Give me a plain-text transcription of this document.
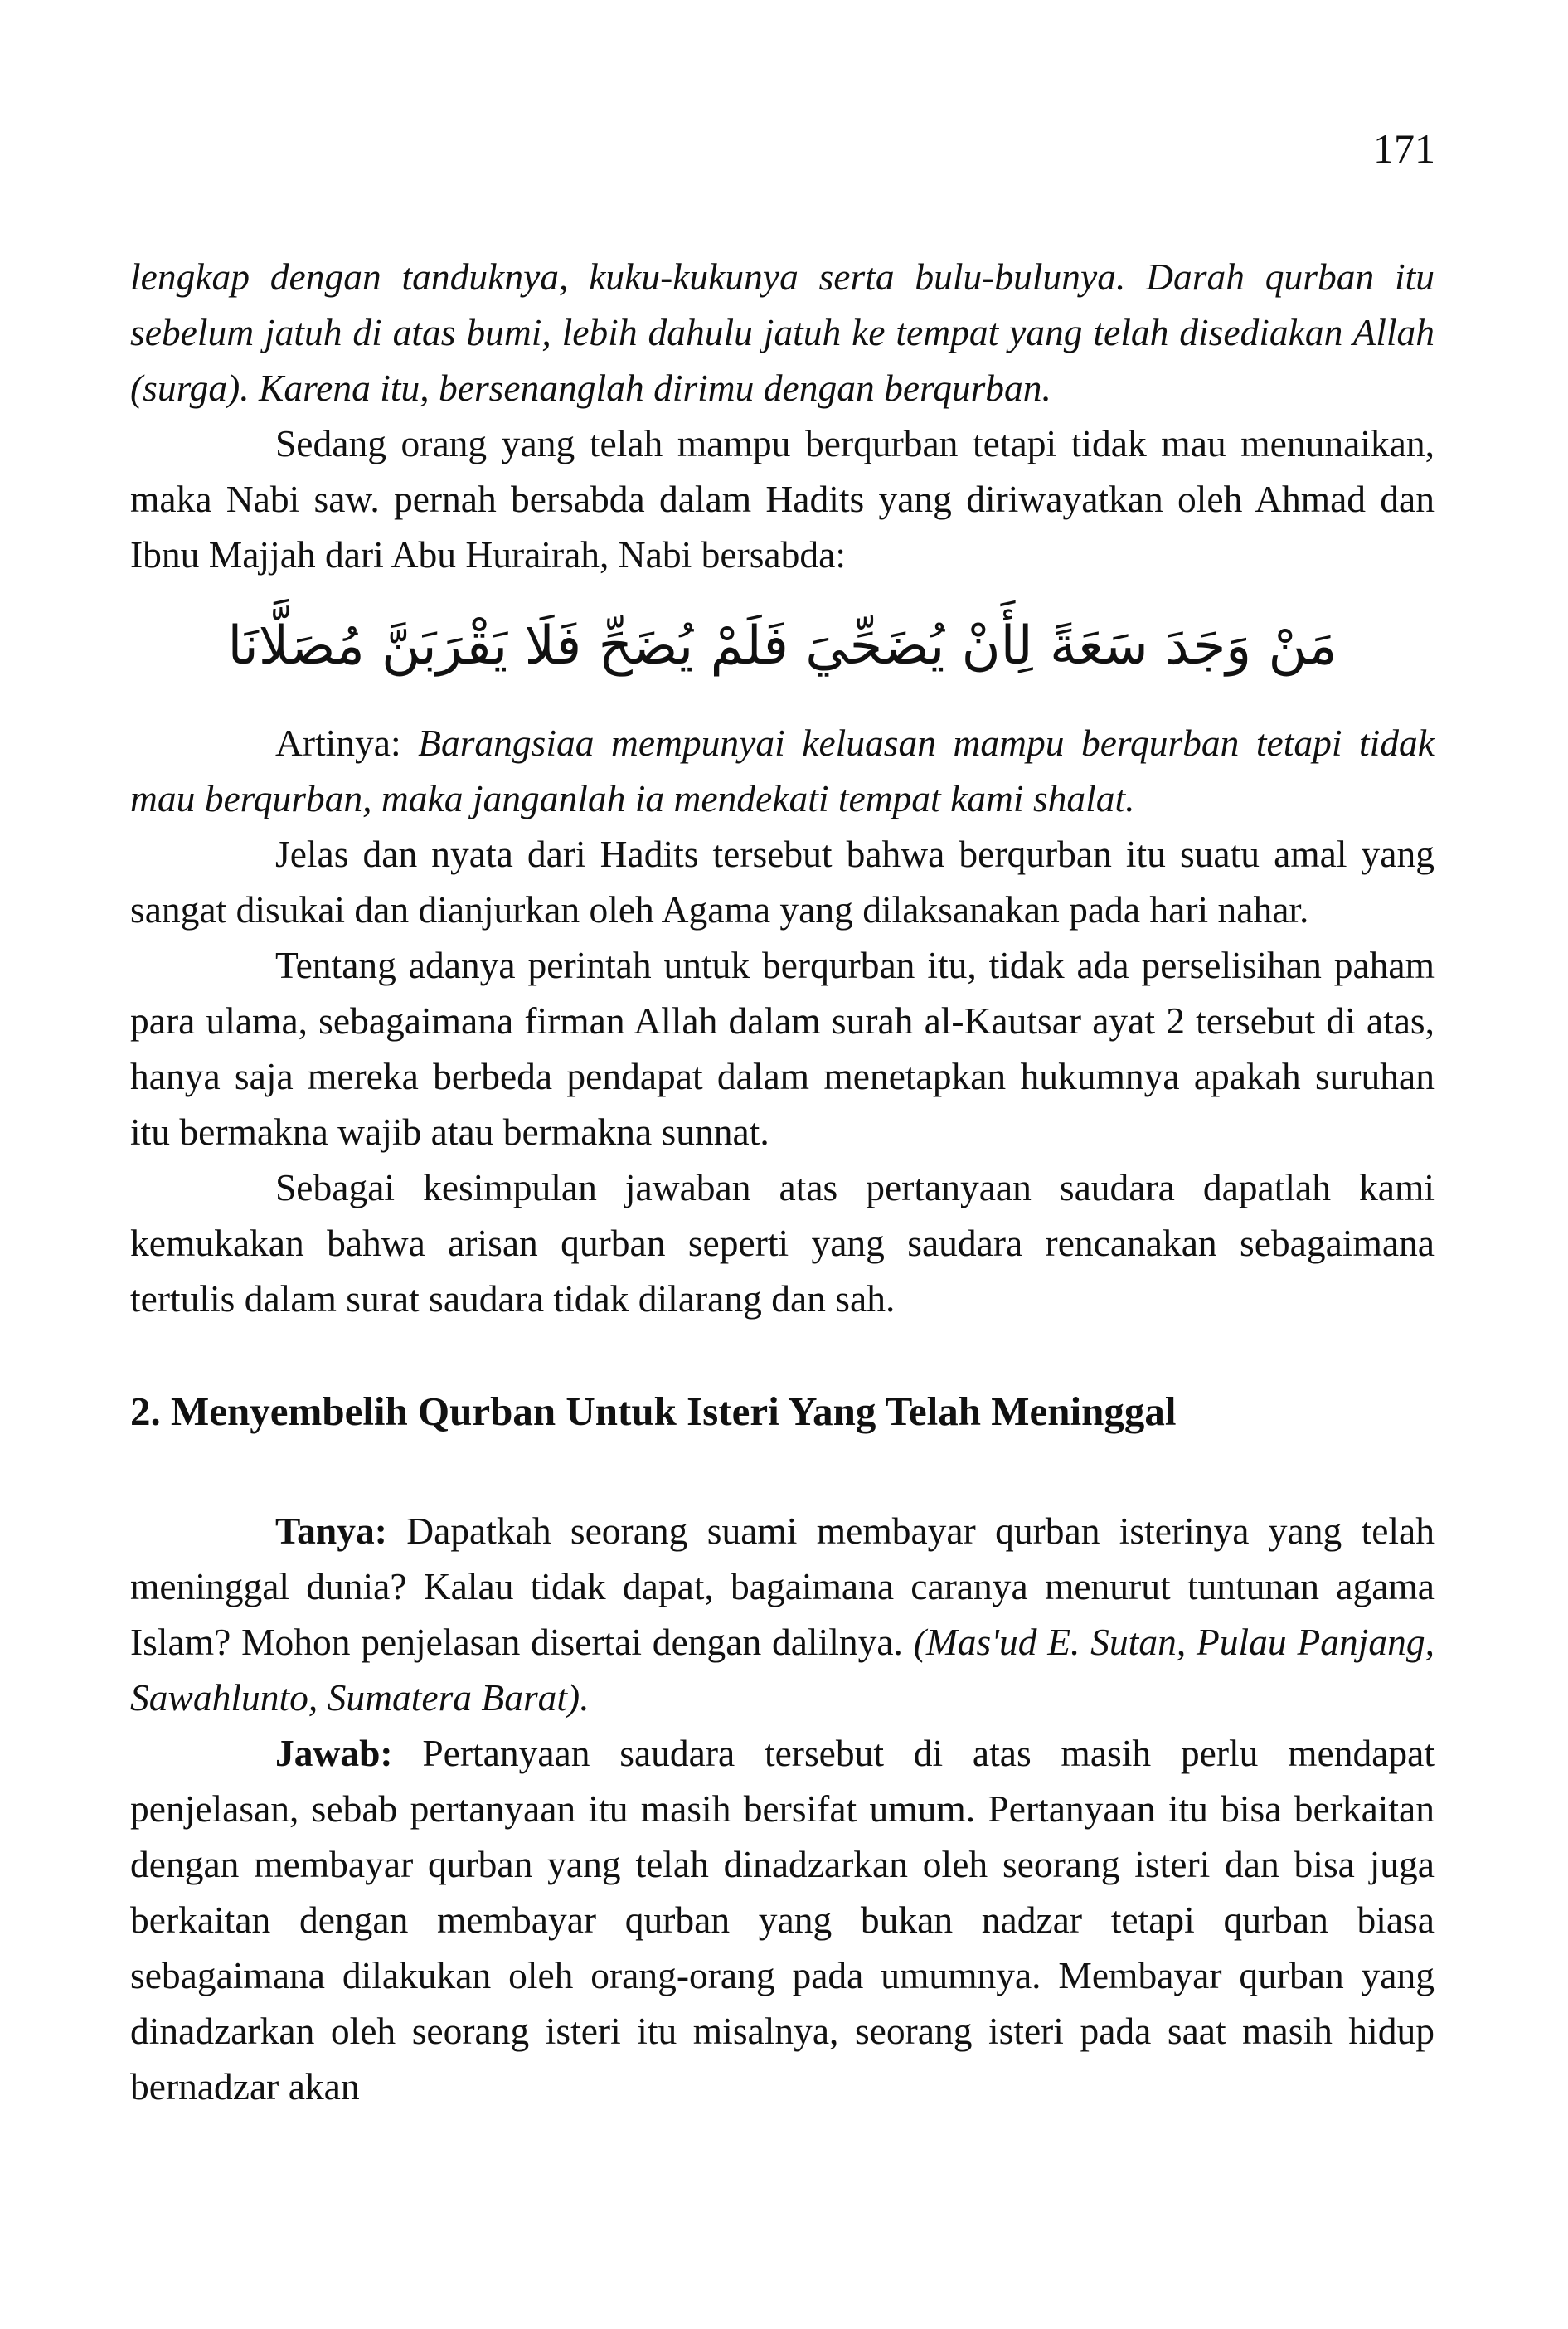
171

lengkap dengan tanduknya, kuku-kukunya serta bulu-bulunya. Darah qurban itu sebelum jatuh di atas bumi, lebih dahulu jatuh ke tempat yang telah disediakan Allah (surga). Karena itu, bersenanglah dirimu dengan berqurban.

Sedang orang yang telah mampu berqurban tetapi tidak mau menunaikan, maka Nabi saw. pernah bersabda dalam Hadits yang diriwayatkan oleh Ahmad dan Ibnu Majjah dari Abu Hurairah, Nabi bersabda:

مَنْ وَجَدَ سَعَةً لِأَنْ يُضَحِّيَ فَلَمْ يُضَحِّ فَلَا يَقْرَبَنَّ مُصَلَّانَا

Artinya: Barangsiaa mempunyai keluasan mampu berqurban tetapi tidak mau berqurban, maka janganlah ia mendekati tempat kami shalat.

Jelas dan nyata dari Hadits tersebut bahwa berqurban itu suatu amal yang sangat disukai dan dianjurkan oleh Agama yang dilaksanakan pada hari nahar.

Tentang adanya perintah untuk berqurban itu, tidak ada perselisihan paham para ulama, sebagaimana firman Allah dalam surah al-Kautsar ayat 2 tersebut di atas, hanya saja mereka berbeda pendapat dalam menetapkan hukumnya apakah suruhan itu bermakna wajib atau bermakna sunnat.

Sebagai kesimpulan jawaban atas pertanyaan saudara dapatlah kami kemukakan bahwa arisan qurban seperti yang saudara rencanakan sebagaimana tertulis dalam surat saudara tidak dilarang dan sah.

2. Menyembelih Qurban Untuk Isteri Yang Telah Meninggal

Tanya: Dapatkah seorang suami membayar qurban isterinya yang telah meninggal dunia? Kalau tidak dapat, bagaimana caranya menurut tuntunan agama Islam? Mohon penjelasan disertai dengan dalilnya. (Mas'ud E. Sutan, Pulau Panjang, Sawahlunto, Sumatera Barat).

Jawab: Pertanyaan saudara tersebut di atas masih perlu mendapat penjelasan, sebab pertanyaan itu masih bersifat umum. Pertanyaan itu bisa berkaitan dengan membayar qurban yang telah dinadzarkan oleh seorang isteri dan bisa juga berkaitan dengan membayar qurban yang bukan nadzar tetapi qurban biasa sebagaimana dilakukan oleh orang-orang pada umumnya. Membayar qurban yang dinadzarkan oleh seorang isteri itu misalnya, seorang isteri pada saat masih hidup bernadzar akan
